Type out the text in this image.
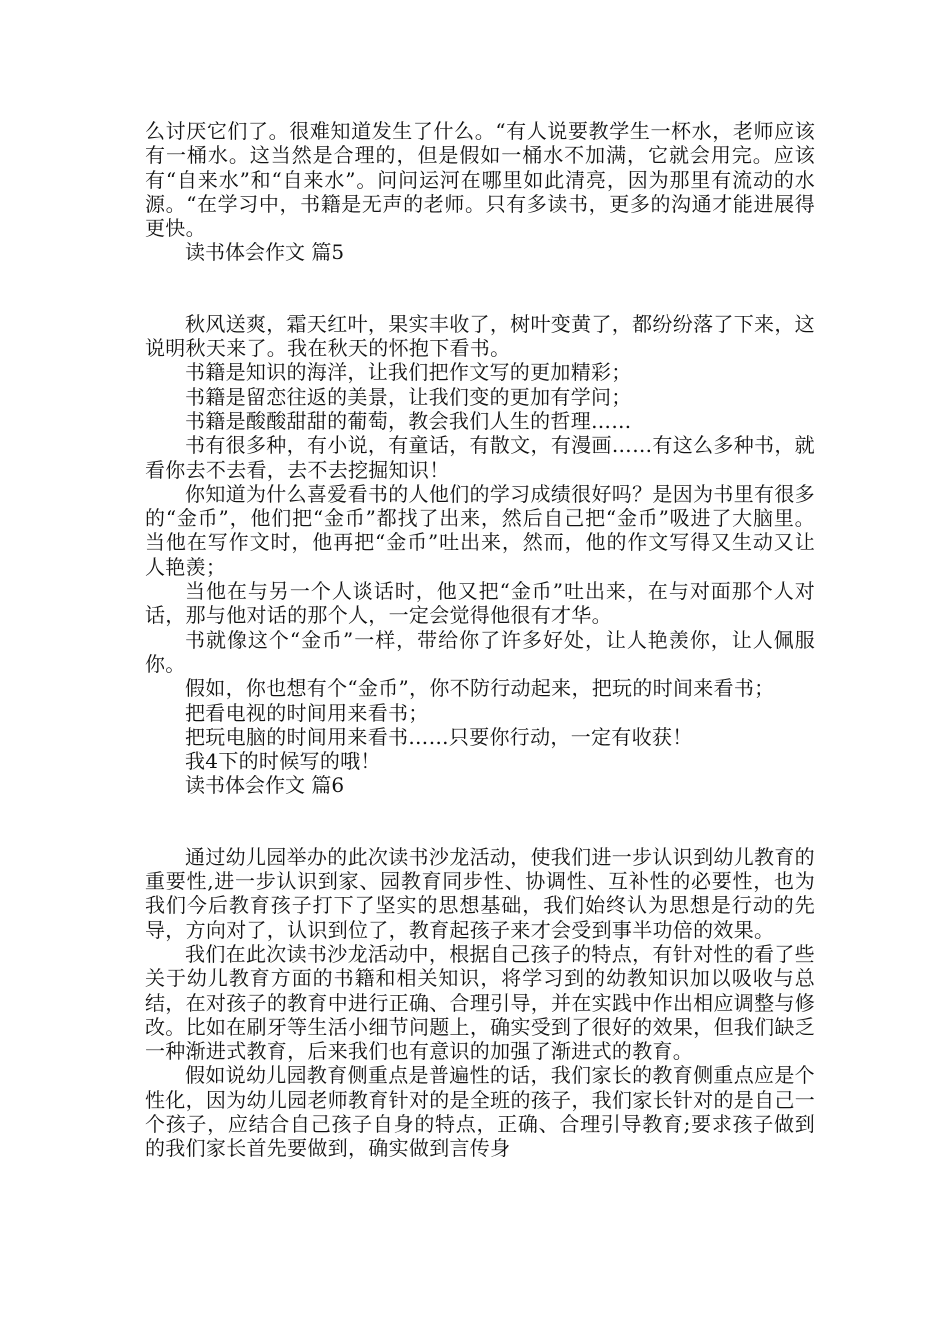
么讨厌它们了。很难知道发生了什么。“有人说要教学生一杯水，老师应该有一桶水。这当然是合理的，但是假如一桶水不加满，它就会用完。应该有“自来水”和“自来水”。问问运河在哪里如此清亮，因为那里有流动的水源。“在学习中，书籍是无声的老师。只有多读书，更多的沟通才能进展得更快。

读书体会作文 篇5

秋风送爽，霜天红叶，果实丰收了，树叶变黄了，都纷纷落了下来，这说明秋天来了。我在秋天的怀抱下看书。

书籍是知识的海洋，让我们把作文写的更加精彩；

书籍是留恋往返的美景，让我们变的更加有学问；

书籍是酸酸甜甜的葡萄，教会我们人生的哲理……

书有很多种，有小说，有童话，有散文，有漫画……有这么多种书，就看你去不去看，去不去挖掘知识！

你知道为什么喜爱看书的人他们的学习成绩很好吗？是因为书里有很多的“金币”，他们把“金币”都找了出来，然后自己把“金币”吸进了大脑里。当他在写作文时，他再把“金币”吐出来，然而，他的作文写得又生动又让人艳羡；

当他在与另一个人谈话时，他又把“金币”吐出来，在与对面那个人对话，那与他对话的那个人，一定会觉得他很有才华。

书就像这个“金币”一样，带给你了许多好处，让人艳羡你，让人佩服你。

假如，你也想有个“金币”，你不防行动起来，把玩的时间来看书；

把看电视的时间用来看书；

把玩电脑的时间用来看书……只要你行动，一定有收获！

我4下的时候写的哦！

读书体会作文 篇6

通过幼儿园举办的此次读书沙龙活动，使我们进一步认识到幼儿教育的重要性,进一步认识到家、园教育同步性、协调性、互补性的必要性，也为我们今后教育孩子打下了坚实的思想基础，我们始终认为思想是行动的先导，方向对了，认识到位了，教育起孩子来才会受到事半功倍的效果。

我们在此次读书沙龙活动中，根据自己孩子的特点，有针对性的看了些关于幼儿教育方面的书籍和相关知识，将学习到的幼教知识加以吸收与总结，在对孩子的教育中进行正确、合理引导，并在实践中作出相应调整与修改。比如在刷牙等生活小细节问题上，确实受到了很好的效果，但我们缺乏一种渐进式教育，后来我们也有意识的加强了渐进式的教育。

假如说幼儿园教育侧重点是普遍性的话，我们家长的教育侧重点应是个性化，因为幼儿园老师教育针对的是全班的孩子，我们家长针对的是自己一个孩子，应结合自己孩子自身的特点，正确、合理引导教育;要求孩子做到的我们家长首先要做到，确实做到言传身
